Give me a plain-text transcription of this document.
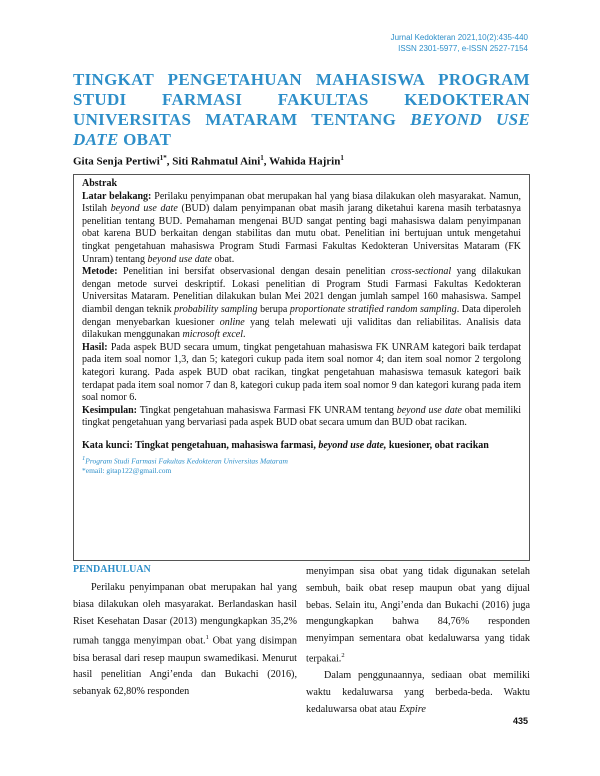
Jurnal Kedokteran 2021,10(2):435-440
ISSN 2301-5977, e-ISSN 2527-7154
TINGKAT PENGETAHUAN MAHASISWA PROGRAM STUDI FARMASI FAKULTAS KEDOKTERAN UNIVERSITAS MATARAM TENTANG BEYOND USE DATE OBAT
Gita Senja Pertiwi$^{1*}$, Siti Rahmatul Aini$^1$, Wahida Hajrin$^1$

Abstrak

Latar belakang: Perilaku penyimpanan obat merupakan hal yang biasa dilakukan oleh masyarakat. Namun, Istilah beyond use date (BUD) dalam penyimpanan obat masih jarang diketahui karena masih terbatasnya penelitian tentang BUD. Pemahaman mengenai BUD sangat penting bagi mahasiswa dalam penyimpanan obat karena BUD berkaitan dengan stabilitas dan mutu obat. Penelitian ini bertujuan untuk mengetahui tingkat pengetahuan mahasiswa Program Studi Farmasi Fakultas Kedokteran Universitas Mataram (FK Unram) tentang beyond use date obat.

Metode: Penelitian ini bersifat observasional dengan desain penelitian cross-sectional yang dilakukan dengan metode survei deskriptif. Lokasi penelitian di Program Studi Farmasi Fakultas Kedokteran Universitas Mataram. Penelitian dilakukan bulan Mei 2021 dengan jumlah sampel 160 mahasiswa. Sampel diambil dengan teknik probability sampling berupa proportionate stratified random sampling. Data diperoleh dengan menyebarkan kuesioner online yang telah melewati uji validitas dan reliabilitas. Analisis data dilakukan menggunakan microsoft excel.

Hasil: Pada aspek BUD secara umum, tingkat pengetahuan mahasiswa FK UNRAM kategori baik terdapat pada item soal nomor 1,3, dan 5; kategori cukup pada item soal nomor 4; dan item soal nomor 2 tergolong kategori kurang. Pada aspek BUD obat racikan, tingkat pengetahuan mahasiswa temasuk kategori baik terdapat pada item soal nomor 7 dan 8, kategori cukup pada item soal nomor 9 dan kategori kurang pada item soal nomor 6.

Kesimpulan: Tingkat pengetahuan mahasiswa Farmasi FK UNRAM tentang beyond use date obat memiliki tingkat pengetahuan yang bervariasi pada aspek BUD obat secara umum dan BUD obat racikan.

Kata kunci: Tingkat pengetahuan, mahasiswa farmasi, beyond use date, kuesioner, obat racikan

$^1$Program Studi Farmasi Fakultas Kedokteran Universitas Mataram

*email: gitap122@gmail.com

PENDAHULUAN

Perilaku penyimpanan obat merupakan hal yang biasa dilakukan oleh masyarakat. Berlandaskan hasil Riset Kesehatan Dasar (2013) mengungkapkan 35,2% rumah tangga menyimpan obat.$^1$ Obat yang disimpan bisa berasal dari resep maupun swamedikasi. Menurut hasil penelitian Angi’enda dan Bukachi (2016), sebanyak 62,80% responden

menyimpan sisa obat yang tidak digunakan setelah sembuh, baik obat resep maupun obat yang dijual bebas. Selain itu, Angi’enda dan Bukachi (2016) juga mengungkapkan bahwa 84,76% responden menyimpan sementara obat kedaluwarsa yang tidak terpakai.$^2$

Dalam penggunaannya, sediaan obat memiliki waktu kedaluwarsa yang berbeda-beda. Waktu kedaluwarsa obat atau Expire

435
